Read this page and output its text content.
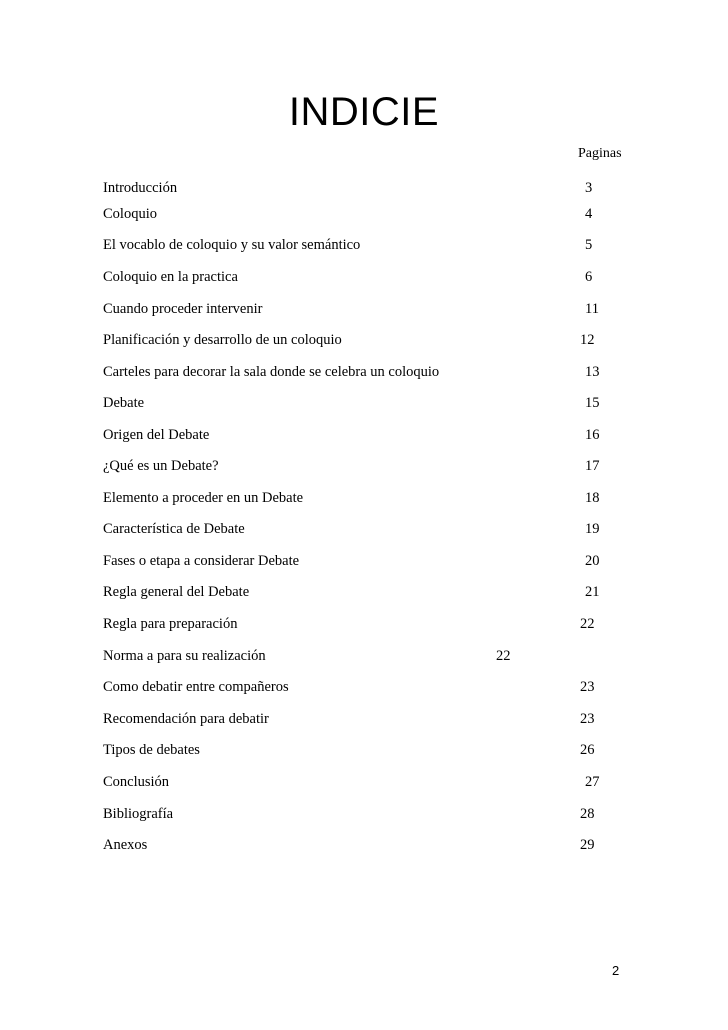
INDICIE
Paginas
Introducción	3
Coloquio	4
El vocablo de coloquio y su valor semántico	5
Coloquio en la practica	6
Cuando proceder intervenir	11
Planificación y desarrollo de un coloquio	12
Carteles para decorar la sala donde se celebra un coloquio	13
Debate	15
Origen del Debate	16
¿Qué es un Debate?	17
Elemento a proceder en un Debate	18
Característica de Debate	19
Fases o etapa a considerar Debate	20
Regla general del Debate	21
Regla para preparación	22
Norma a para su realización	22
Como debatir entre compañeros	23
Recomendación para debatir	23
Tipos de debates	26
Conclusión	27
Bibliografía	28
Anexos	29
2
